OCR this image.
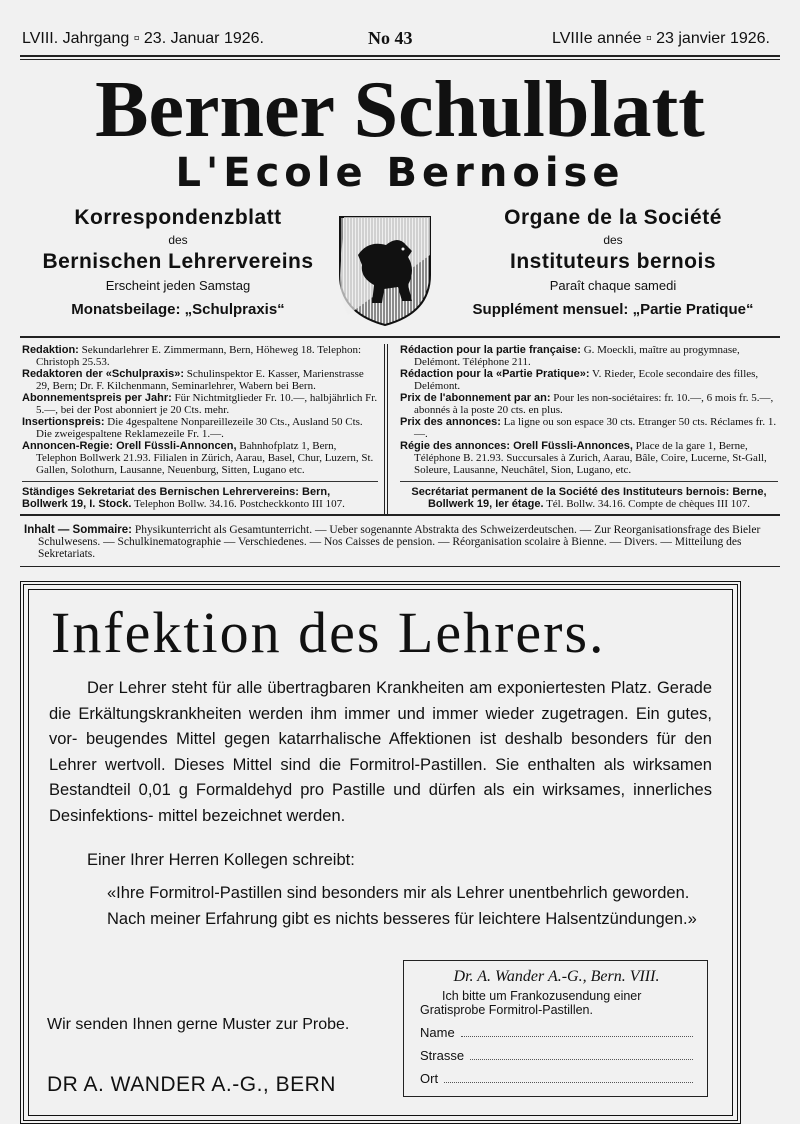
LVIII. Jahrgang ▫ 23. Januar 1926.	No 43	LVIIIe année ▫ 23 janvier 1926.
Berner Schulblatt
L'Ecole Bernoise
Korrespondenzblatt
des
Bernischen Lehrervereins
Erscheint jeden Samstag
Monatsbeilage: „Schulpraxis“
Organe de la Société
des
Instituteurs bernois
Paraît chaque samedi
Supplément mensuel: „Partie Pratique“

Redaktion: Sekundarlehrer E. Zimmermann, Bern, Höheweg 18. Telephon: Christoph 25.53.

Redaktoren der «Schulpraxis»: Schulinspektor E. Kasser, Marienstrasse 29, Bern; Dr. F. Kilchenmann, Seminarlehrer, Wabern bei Bern.

Abonnementspreis per Jahr: Für Nichtmitglieder Fr. 10.—, halbjährlich Fr. 5.—, bei der Post abonniert je 20 Cts. mehr.

Insertionspreis: Die 4gespaltene Nonpareillezeile 30 Cts., Ausland 50 Cts. Die zweigespaltene Reklamezeile Fr. 1.—.

Annoncen-Regie: Orell Füssli-Annoncen, Bahnhofplatz 1, Bern, Telephon Bollwerk 21.93. Filialen in Zürich, Aarau, Basel, Chur, Luzern, St. Gallen, Solothurn, Lausanne, Neuenburg, Sitten, Lugano etc.

Ständiges Sekretariat des Bernischen Lehrervereins: Bern, Bollwerk 19, I. Stock. Telephon Bollw. 34.16. Postcheckkonto III 107.

Rédaction pour la partie française: G. Moeckli, maître au progymnase, Delémont. Téléphone 211.

Rédaction pour la «Partie Pratique»: V. Rieder, Ecole secondaire des filles, Delémont.

Prix de l'abonnement par an: Pour les non-sociétaires: fr. 10.—, 6 mois fr. 5.—, abonnés à la poste 20 cts. en plus.

Prix des annonces: La ligne ou son espace 30 cts. Etranger 50 cts. Réclames fr. 1.—.

Régie des annonces: Orell Füssli-Annonces, Place de la gare 1, Berne, Téléphone B. 21.93. Succursales à Zurich, Aarau, Bâle, Coire, Lucerne, St-Gall, Soleure, Lausanne, Neuchâtel, Sion, Lugano, etc.

Secrétariat permanent de la Société des Instituteurs bernois: Berne, Bollwerk 19, Ier étage. Tél. Bollw. 34.16. Compte de chèques III 107.

Inhalt — Sommaire: Physikunterricht als Gesamtunterricht. — Ueber sogenannte Abstrakta des Schweizerdeutschen. — Zur Reorganisationsfrage des Bieler Schulwesens. — Schulkinematographie — Verschiedenes. — Nos Caisses de pension. — Réorganisation scolaire à Bienne. — Divers. — Mitteilung des Sekretariats.

Infektion des Lehrers.
Der Lehrer steht für alle übertragbaren Krankheiten am exponiertesten Platz. Geradedie Erkältungskrankheiten werden ihm immer und immer wieder zugetragen. Ein gutes, vor- beugendes Mittel gegen katarrhalische Affektionen ist deshalb besonders für den Lehrer wertvoll. Dieses Mittel sind die Formitrol-Pastillen. Sie enthalten als wirksamen Bestandteil 0,01 g Formaldehyd pro Pastille und dürfen als ein wirksames, innerliches Desinfektions- mittel bezeichnet werden.
Einer Ihrer Herren Kollegen schreibt:
«Ihre Formitrol-Pastillen sind besonders mir als Lehrer unentbehrlich geworden.
Nach meiner Erfahrung gibt es nichts besseres für leichtere Halsentzündungen.»
Wir senden Ihnen gerne Muster zur Probe.
DR A. WANDER A.-G., BERN
Dr. A. Wander A.-G., Bern. VIII.
Ich bitte um Frankozusendung einer Gratisprobe Formitrol-Pastillen.
Name
Strasse
Ort
